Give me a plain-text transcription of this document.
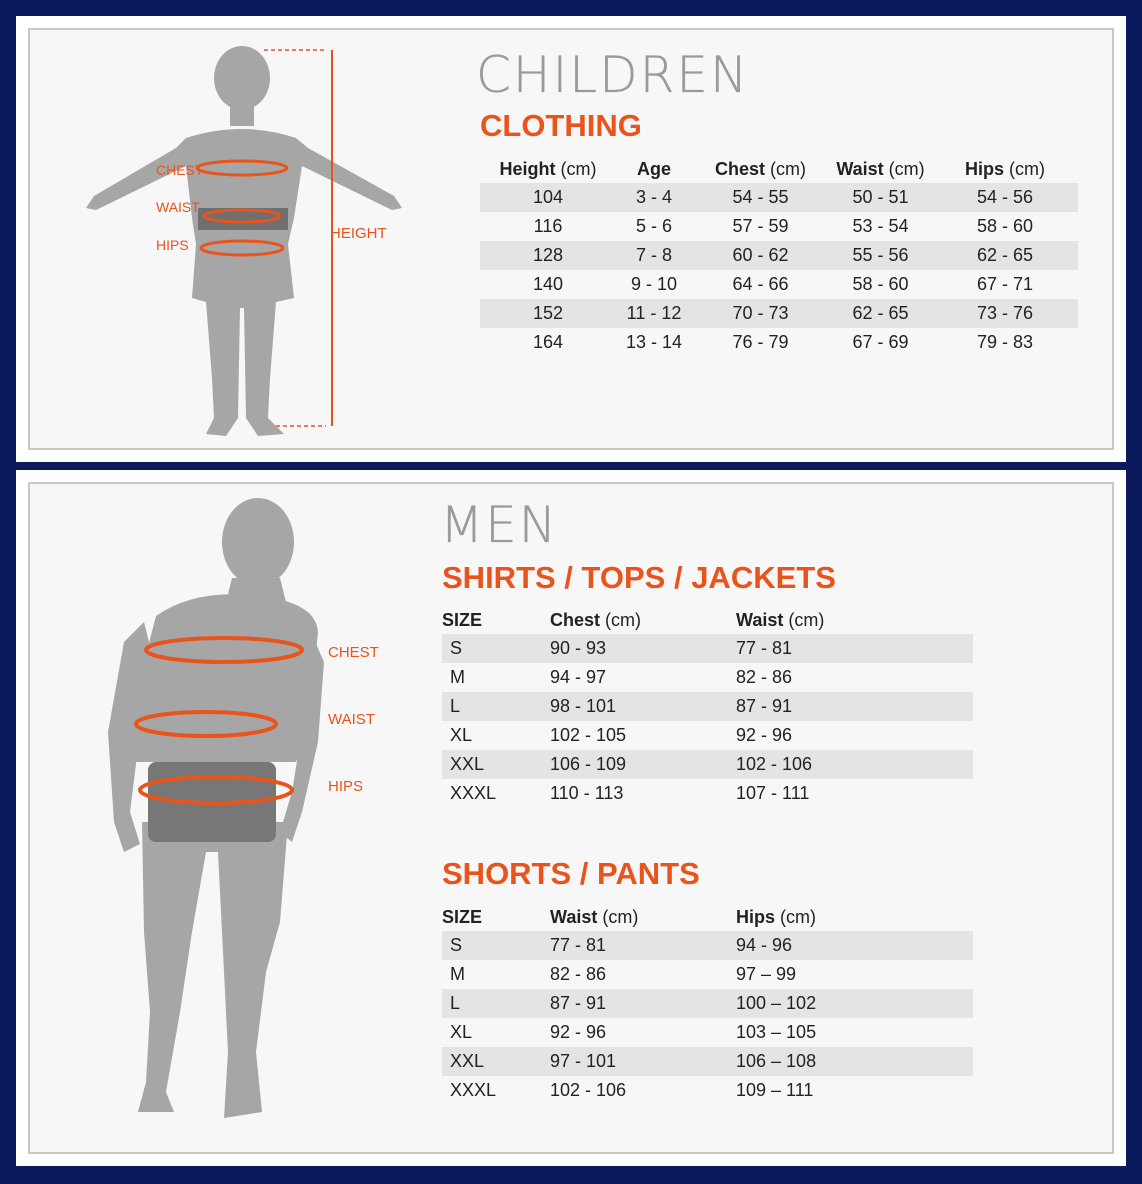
CHEST
WAIST
HIPS
HEIGHT
CHILDREN
CLOTHING
Height (cm)	Age	Chest (cm)	Waist (cm)	Hips (cm)
104	3 - 4	54 - 55	50 - 51	54 - 56
116	5 - 6	57 - 59	53 - 54	58 - 60
128	7 - 8	60 - 62	55 - 56	62 - 65
140	9 - 10	64 - 66	58 - 60	67 - 71
152	11 - 12	70 - 73	62 - 65	73 - 76
164	13 - 14	76 - 79	67 - 69	79 - 83
CHEST
WAIST
HIPS
MEN
SHIRTS / TOPS / JACKETS
SIZE	Chest (cm)	Waist (cm)
S	90 - 93	77 - 81
M	94 - 97	82 - 86
L	98 - 101	87 - 91
XL	102 - 105	92 - 96
XXL	106 - 109	102 - 106
XXXL	110 - 113	107 - 111
SHORTS / PANTS
SIZE	Waist (cm)	Hips (cm)
S	77 - 81	94 - 96
M	82 - 86	97 – 99
L	87 - 91	100 – 102
XL	92 - 96	103 – 105
XXL	97 - 101	106 – 108
XXXL	102 - 106	109 – 111
